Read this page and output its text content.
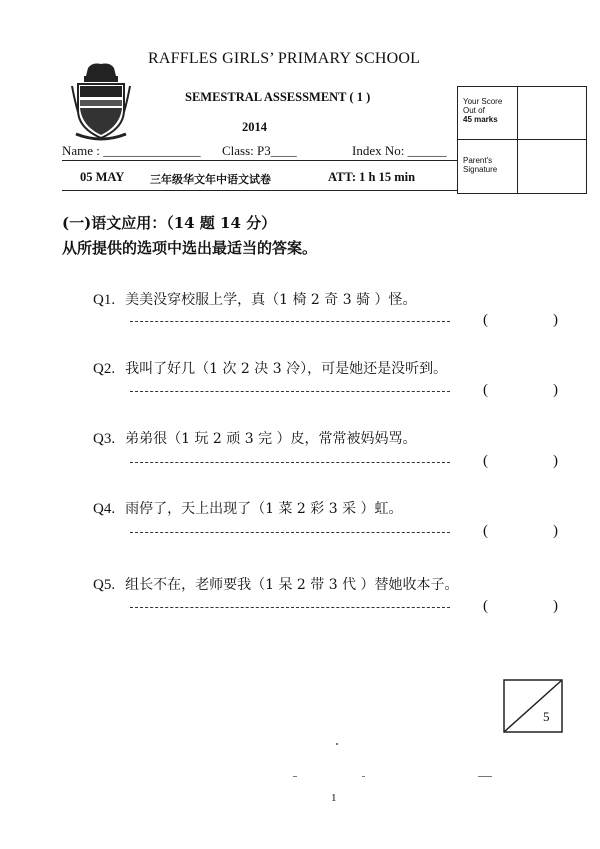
RAFFLES GIRLS’ PRIMARY SCHOOL
SEMESTRAL ASSESSMENT ( 1 )
2014
Your Score
Out of
45 marks
Parent's
Signature
Name : _______________ Class: P3____	Index No: ______
05 MAY 三年级华文年中语文试卷	ATT: 1 h 15 min
(一)语文应用：（14 题 14 分）
从所提供的选项中选出最适当的答案。
Q1. 美美没穿校服上学，真（1 椅 2 奇 3 骑 ）怪。
(	)
Q2. 我叫了好几（1 次 2 决 3 冷），可是她还是没听到。
(	)
Q3. 弟弟很（1 玩 2 顽 3 完 ）皮，常常被妈妈骂。
(	)
Q4. 雨停了，天上出现了（1 菜 2 彩 3 采 ）虹。
(	)
Q5. 组长不在，老师要我（1 呆 2 带 3 代 ）替她收本子。
(	)
5
1
